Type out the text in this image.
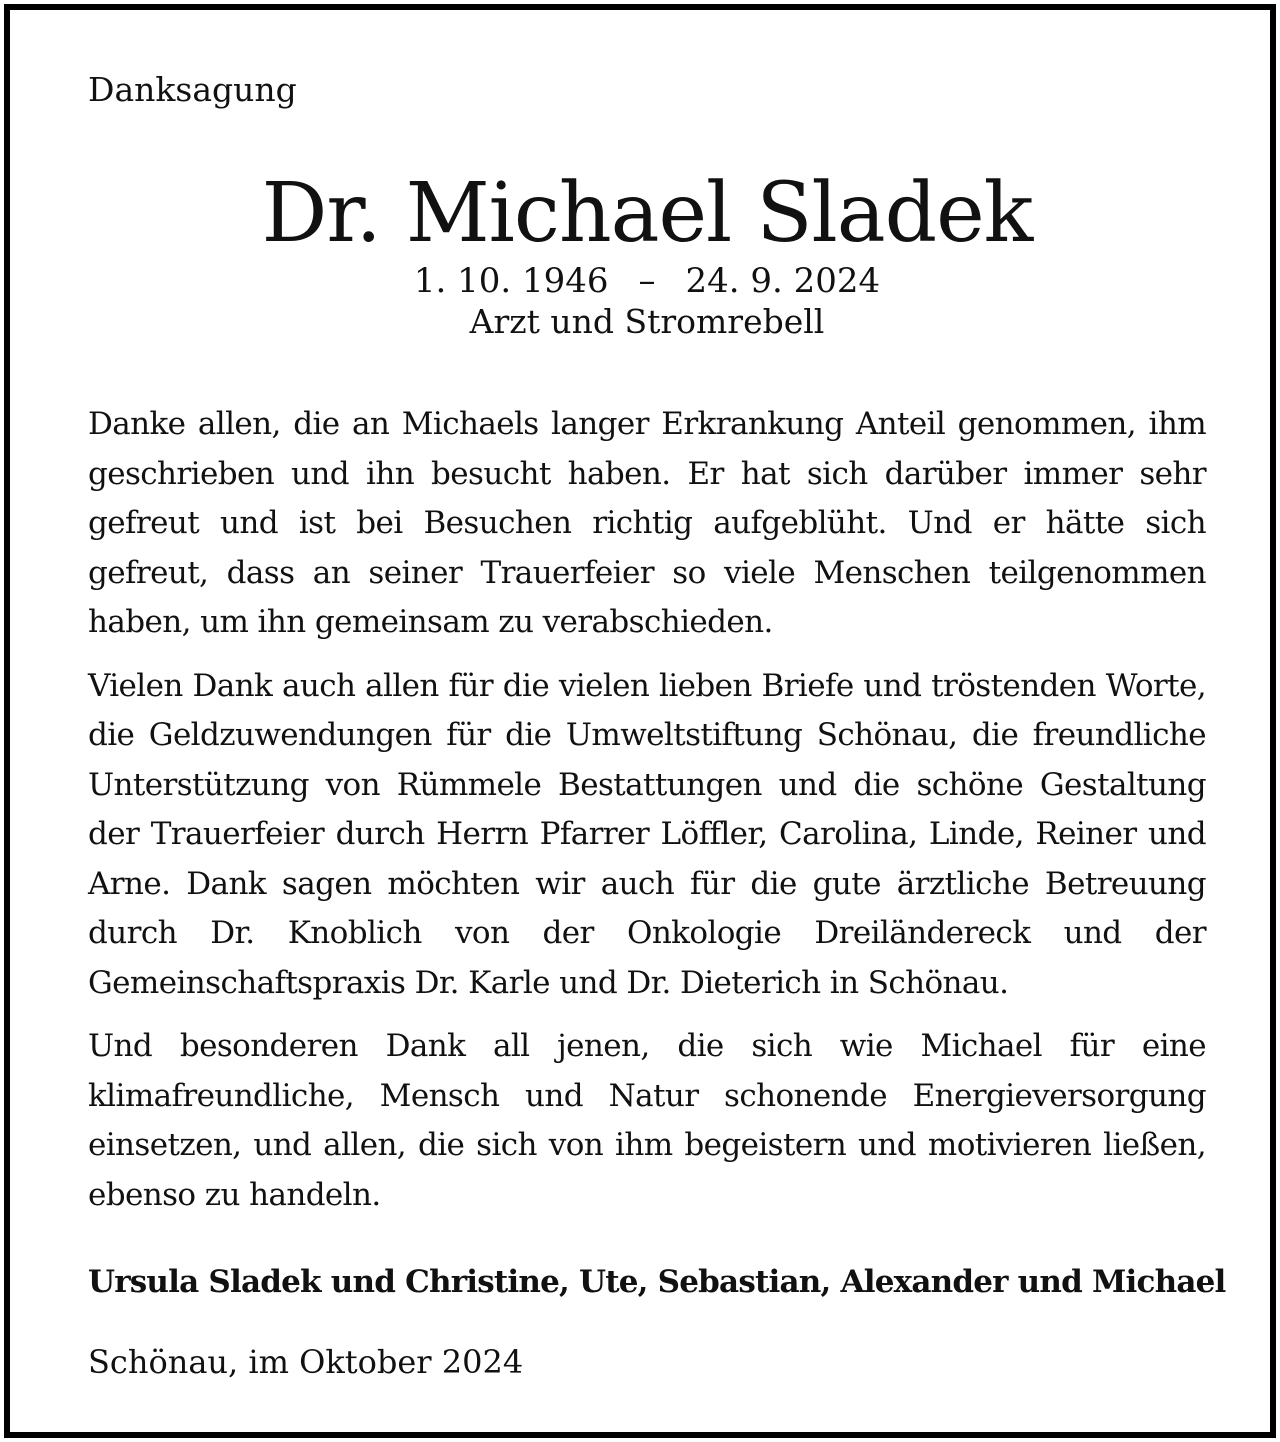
Danksagung

Dr. Michael Sladek
1. 10. 1946 – 24. 9. 2024
Arzt und Stromrebell

Danke allen, die an Michaels langer Erkrankung Anteil genommen, ihm geschrieben und ihn besucht haben. Er hat sich darüber immer sehr gefreut und ist bei Besuchen richtig aufgeblüht. Und er hätte sich gefreut, dass an seiner Trauerfeier so viele Menschen teilgenommen haben, um ihn gemeinsam zu verabschieden.

Vielen Dank auch allen für die vielen lieben Briefe und tröstenden Worte, die Geldzuwendungen für die Umweltstiftung Schönau, die freundliche Unterstützung von Rümmele Bestattungen und die schöne Gestaltung der Trauerfeier durch Herrn Pfarrer Löffler, Carolina, Linde, Reiner und Arne. Dank sagen möchten wir auch für die gute ärztliche Betreuung durch Dr. Knoblich von der Onkologie Dreiländereck und der Gemeinschaftspraxis Dr. Karle und Dr. Dieterich in Schönau.

Und besonderen Dank all jenen, die sich wie Michael für eine klimafreundliche, Mensch und Natur schonende Energieversorgung einsetzen, und allen, die sich von ihm begeistern und motivieren ließen, ebenso zu handeln.

Ursula Sladek und Christine, Ute, Sebastian, Alexander und Michael
Schönau, im Oktober 2024
